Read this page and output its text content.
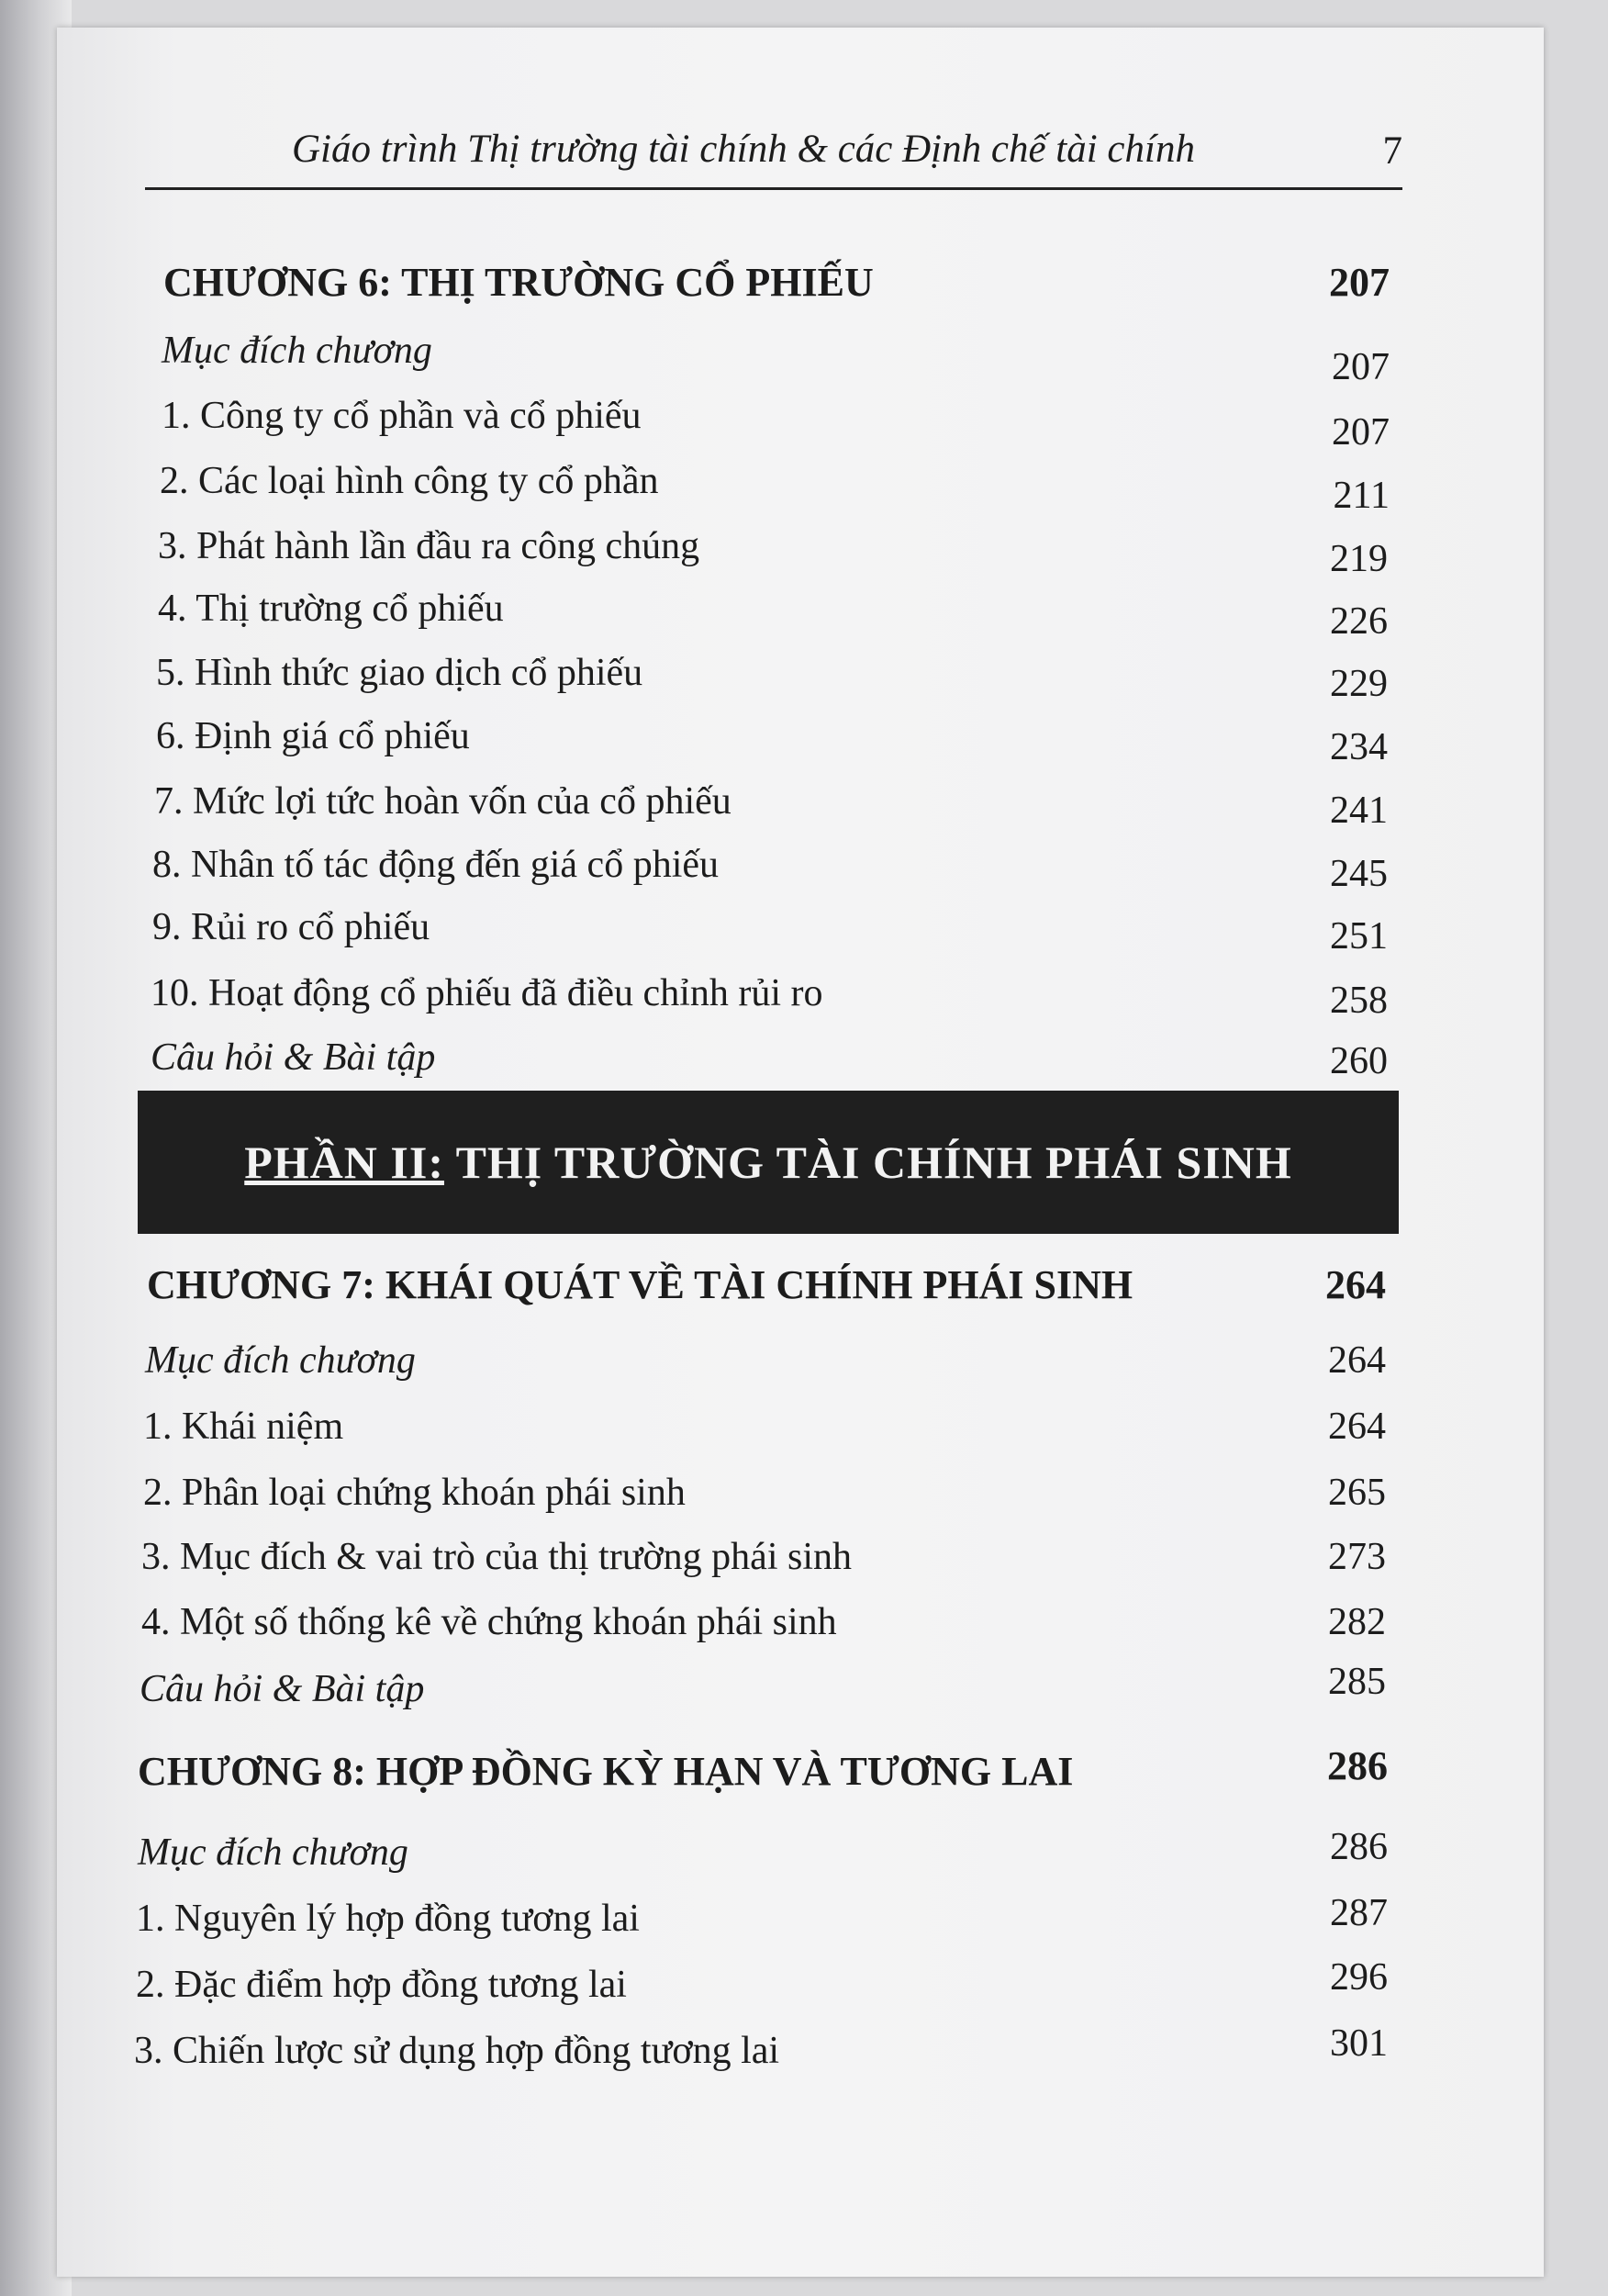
Giáo trình Thị trường tài chính & các Định chế tài chính	7
CHƯƠNG 6: THỊ TRƯỜNG CỔ PHIẾU	207
Mục đích chương	207
1. Công ty cổ phần và cổ phiếu	207
2. Các loại hình công ty cổ phần	211
3. Phát hành lần đầu ra công chúng	219
4. Thị trường cổ phiếu	226
5. Hình thức giao dịch cổ phiếu	229
6. Định giá cổ phiếu	234
7. Mức lợi tức hoàn vốn của cổ phiếu	241
8. Nhân tố tác động đến giá cổ phiếu	245
9. Rủi ro cổ phiếu	251
10. Hoạt động cổ phiếu đã điều chỉnh rủi ro	258
Câu hỏi & Bài tập	260
PHẦN II: THỊ TRƯỜNG TÀI CHÍNH PHÁI SINH
CHƯƠNG 7: KHÁI QUÁT VỀ TÀI CHÍNH PHÁI SINH	264
Mục đích chương	264
1. Khái niệm	264
2. Phân loại chứng khoán phái sinh	265
3. Mục đích & vai trò của thị trường phái sinh	273
4. Một số thống kê về chứng khoán phái sinh	282
Câu hỏi & Bài tập	285
CHƯƠNG 8: HỢP ĐỒNG KỲ HẠN VÀ TƯƠNG LAI	286
Mục đích chương	286
1. Nguyên lý hợp đồng tương lai	287
2. Đặc điểm hợp đồng tương lai	296
3. Chiến lược sử dụng hợp đồng tương lai	301
